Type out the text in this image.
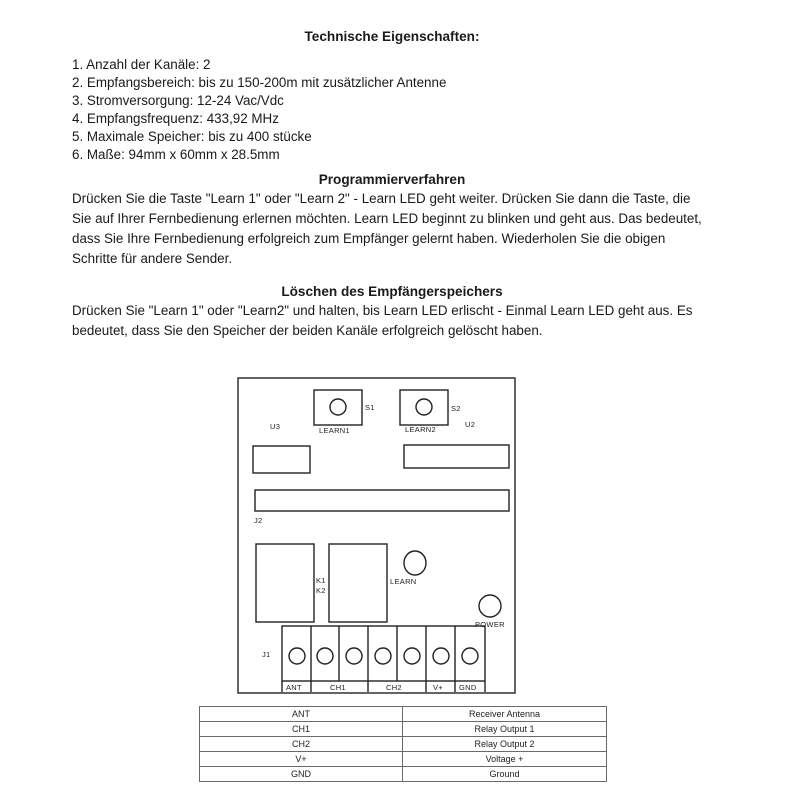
Technische Eigenschaften:

1. Anzahl der Kanäle: 2
2. Empfangsbereich: bis zu 150-200m mit zusätzlicher Antenne
3. Stromversorgung: 12-24 Vac/Vdc
4. Empfangsfrequenz: 433,92 MHz
5. Maximale Speicher: bis zu 400 stücke
6. Maße: 94mm x 60mm x 28.5mm

Programmierverfahren

Drücken Sie die Taste "Learn 1" oder "Learn 2" - Learn LED geht weiter. Drücken Sie dann die Taste, die Sie auf Ihrer Fernbedienung erlernen möchten. Learn LED beginnt zu blinken und geht aus. Das bedeutet, dass Sie Ihre Fernbedienung erfolgreich zum Empfänger gelernt haben. Wiederholen Sie die obigen Schritte für andere Sender.

Löschen des Empfängerspeichers

Drücken Sie "Learn 1" oder "Learn2" und halten, bis Learn LED erlischt - Einmal Learn LED geht aus. Es bedeutet, dass Sie den Speicher der beiden Kanäle erfolgreich gelöscht haben.

S1	S2
LEARN1	LEARN2
U3	U2
J2
K1
K2
LEARN
POWER
J1
ANT	CH1	CH2	V+ GND
ANT	Receiver Antenna
CH1	Relay Output 1
CH2	Relay Output 2
V+	Voltage +
GND	Ground
